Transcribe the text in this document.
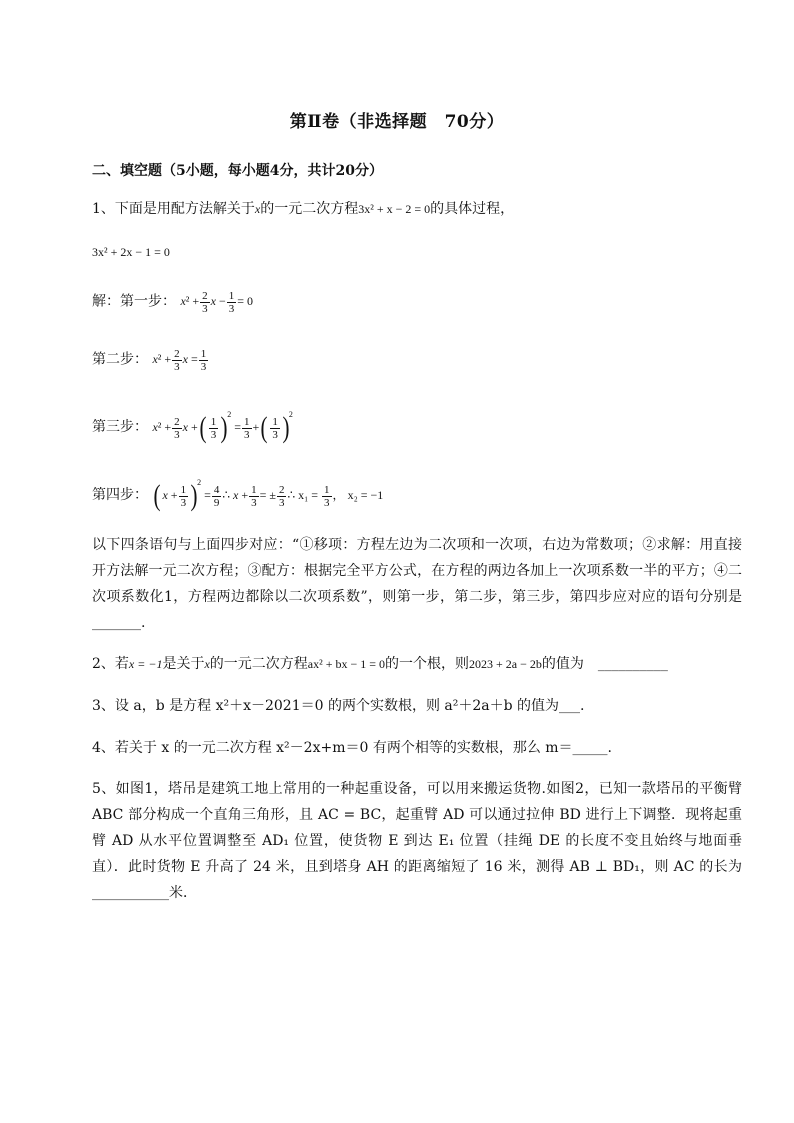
第Ⅱ卷（非选择题　70分）
二、填空题（5小题，每小题4分，共计20分）
1、下面是用配方法解关于x的一元二次方程3x² + x − 2 = 0的具体过程，
3x² + 2x − 1 = 0
解：第一步： $x^2 + \frac{2}{3}$ $x - \frac{1}{3} = 0$
第二步： $x^2 + \frac{2}{3}$ $x = \frac{1}{3}$
第三步： $x^2 + \frac{2}{3}$ x +( $\frac{1}{3} )^2 = \frac{1}{3}$ +( $\frac{1}{3} )^2$
第四步： ( $x + \frac{1}{3} )^2 = \frac{4}{9}$ ∴ $x + \frac{1}{3}$ = ± $\frac{2}{3}$ ∴ $x_1 = \frac{1}{3}$ ， x₂ = −1
以下四条语句与上面四步对应：“①移项：方程左边为二次项和一次项，右边为常数项；②求解：用直接开方法解一元二次方程；③配方：根据完全平方公式，在方程的两边各加上一次项系数一半的平方；④二次项系数化1，方程两边都除以二次项系数”，则第一步，第二步，第三步，第四步应对应的语句分别是_______.
2、若x = −1是关于x的一元二次方程ax² + bx − 1 = 0的一个根，则2023 + 2a − 2b的值为　__________
3、设 a，b 是方程 x²＋x－2021＝0 的两个实数根，则 a²＋2a＋b 的值为___.
4、若关于 x 的一元二次方程 x²－2x+m＝0 有两个相等的实数根，那么 m＝_____.
5、如图1，塔吊是建筑工地上常用的一种起重设备，可以用来搬运货物.如图2，已知一款塔吊的平衡臂 ABC 部分构成一个直角三角形，且 AC = BC，起重臂 AD 可以通过拉伸 BD 进行上下调整．现将起重臂 AD 从水平位置调整至 AD₁ 位置，使货物 E 到达 E₁ 位置（挂绳 DE 的长度不变且始终与地面垂直）．此时货物 E 升高了 24 米，且到塔身 AH 的距离缩短了 16 米，测得 AB ⊥ BD₁，则 AC 的长为___________米．
